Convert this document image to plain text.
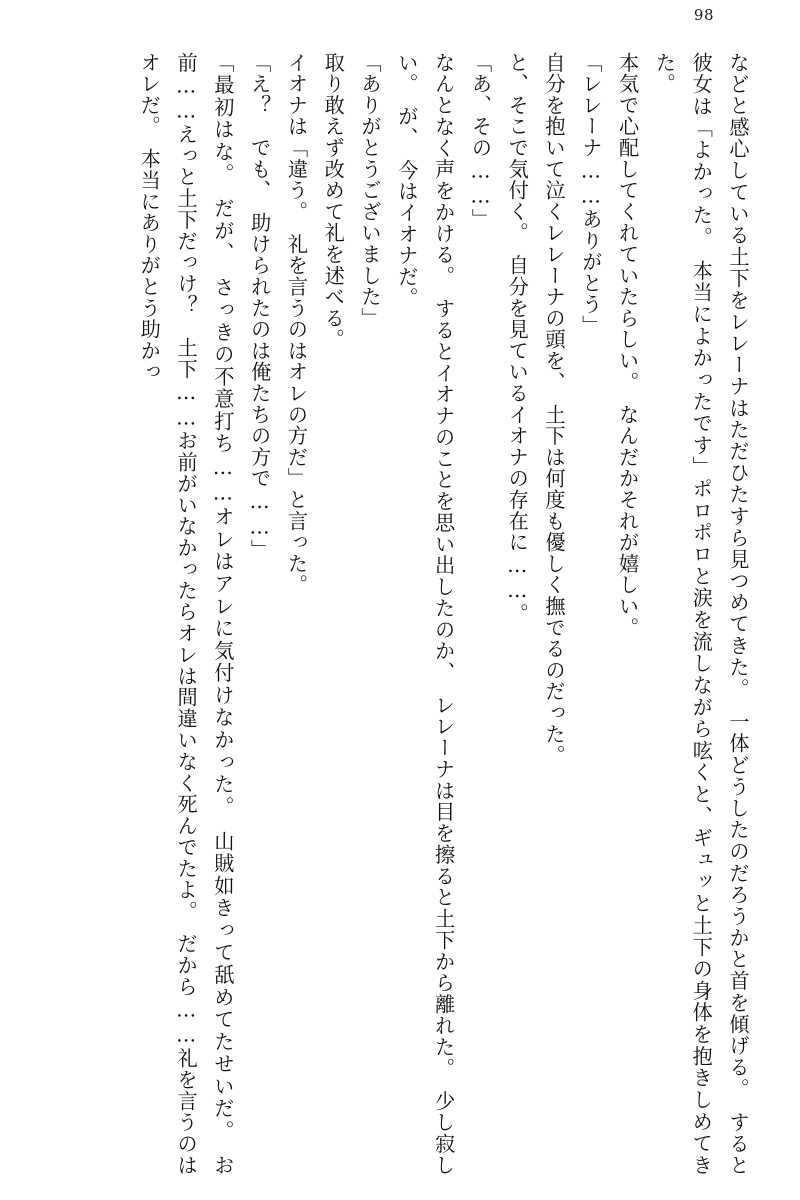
98

などと感心している土下をレレーナはただひたすら見つめてきた。　一体どうしたのだろうかと首を傾げる。　すると彼女は「よかった。　本当によかったです」ポロポロと涙を流しながら呟くと、ギュッと土下の身体を抱きしめてきた。

本気で心配してくれていたらしい。　なんだかそれが嬉しい。

「レレーナ……ありがとう」

自分を抱いて泣くレレーナの頭を、　土下は何度も優しく撫でるのだった。

と、そこで気付く。　自分を見ているイオナの存在に……。

「あ、その……」

なんとなく声をかける。　するとイオナのことを思い出したのか、　レレーナは目を擦ると土下から離れた。　少し寂しい。　が、　今はイオナだ。

「ありがとうございました」

取り敢えず改めて礼を述べる。

イオナは「違う。　礼を言うのはオレの方だ」と言った。

「え？　でも、　助けられたのは俺たちの方で……」

「最初はな。　だが、　さっきの不意打ち……オレはアレに気付けなかった。　山賊如きって舐めてたせいだ。　お前……えっと土下だっけ？　土下……お前がいなかったらオレは間違いなく死んでたよ。　だから……礼を言うのはオレだ。　本当にありがとう助かっ
